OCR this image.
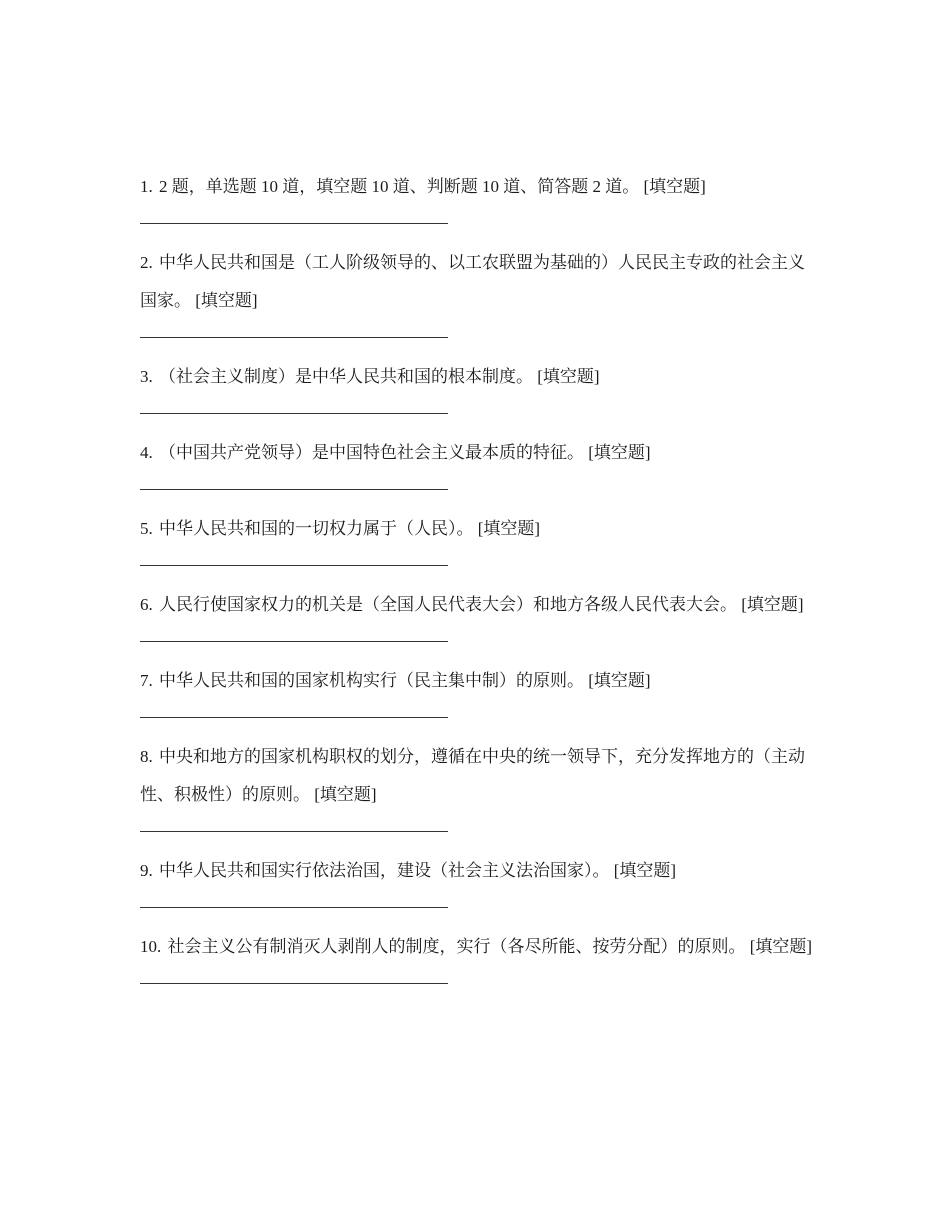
1. 2 题，单选题 10 道，填空题 10 道、判断题 10 道、简答题 2 道。 [填空题]

2. 中华人民共和国是（工人阶级领导的、以工农联盟为基础的）人民民主专政的社会主义国家。 [填空题]

3. （社会主义制度）是中华人民共和国的根本制度。 [填空题]

4. （中国共产党领导）是中国特色社会主义最本质的特征。 [填空题]

5. 中华人民共和国的一切权力属于（人民）。 [填空题]

6. 人民行使国家权力的机关是（全国人民代表大会）和地方各级人民代表大会。 [填空题]

7. 中华人民共和国的国家机构实行（民主集中制）的原则。 [填空题]

8. 中央和地方的国家机构职权的划分，遵循在中央的统一领导下，充分发挥地方的（主动性、积极性）的原则。 [填空题]

9. 中华人民共和国实行依法治国，建设（社会主义法治国家）。 [填空题]

10. 社会主义公有制消灭人剥削人的制度，实行（各尽所能、按劳分配）的原则。 [填空题]
